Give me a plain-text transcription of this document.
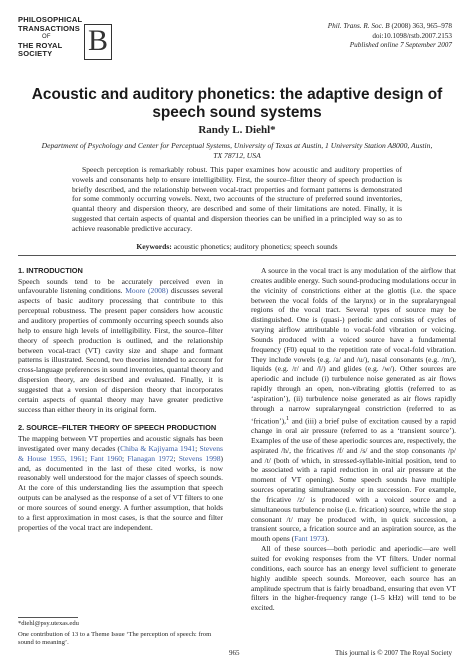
PHILOSOPHICAL
TRANSACTIONS
OF
THE ROYAL
SOCIETY	B	Phil. Trans. R. Soc. B (2008) 363, 965–978
doi:10.1098/rstb.2007.2153
Published online 7 September 2007
Acoustic and auditory phonetics: the adaptive design of speech sound systems
Randy L. Diehl*
Department of Psychology and Center for Perceptual Systems, University of Texas at Austin, 1 University Station A8000, Austin, TX 78712, USA
Speech perception is remarkably robust. This paper examines how acoustic and auditory properties of vowels and consonants help to ensure intelligibility. First, the source–filter theory of speech production is briefly described, and the relationship between vocal-tract properties and formant patterns is demonstrated for some commonly occurring vowels. Next, two accounts of the structure of preferred sound inventories, quantal theory and dispersion theory, are described and some of their limitations are noted. Finally, it is suggested that certain aspects of quantal and dispersion theories can be unified in a principled way so as to achieve reasonable predictive accuracy.
Keywords: acoustic phonetics; auditory phonetics; speech sounds
1. INTRODUCTION

Speech sounds tend to be accurately perceived even in unfavourable listening conditions. Moore (2008) discusses several aspects of basic auditory processing that contribute to this perceptual robustness. The present paper considers how acoustic and auditory properties of commonly occurring speech sounds also help to ensure high levels of intelligibility. First, the source–filter theory of speech production is outlined, and the relationship between vocal-tract (VT) cavity size and shape and formant patterns is illustrated. Second, two theories intended to account for cross-language preferences in sound inventories, quantal theory and dispersion theory, are described and evaluated. Finally, it is suggested that a version of dispersion theory that incorporates certain aspects of quantal theory may have greater predictive success than either theory in its original form.

2. SOURCE–FILTER THEORY OF SPEECH PRODUCTION

The mapping between VT properties and acoustic signals has been investigated over many decades (Chiba & Kajiyama 1941; Stevens & House 1955, 1961; Fant 1960; Flanagan 1972; Stevens 1998) and, as documented in the last of these cited works, is now reasonably well understood for the major classes of speech sounds. At the core of this understanding lies the assumption that speech outputs can be analysed as the response of a set of VT filters to one or more sources of sound energy. A further assumption, that holds to a first approximation in most cases, is that the source and filter properties of the vocal tract are independent.

A source in the vocal tract is any modulation of the airflow that creates audible energy. Such sound-producing modulations occur in the vicinity of constrictions either at the glottis (i.e. the space between the vocal folds of the larynx) or in the supralaryngeal regions of the vocal tract. Several types of source may be distinguished. One is (quasi-) periodic and consists of cycles of varying airflow attributable to vocal-fold vibration or voicing. Sounds produced with a voiced source have a fundamental frequency (F0) equal to the repetition rate of vocal-fold vibration. They include vowels (e.g. /a/ and /u/), nasal consonants (e.g. /m/), liquids (e.g. /r/ and /l/) and glides (e.g. /w/). Other sources are aperiodic and include (i) turbulence noise generated as air flows rapidly through an open, non-vibrating glottis (referred to as ‘aspiration’), (ii) turbulence noise generated as air flows rapidly through a narrow supralaryngeal constriction (referred to as ‘frication’),$^1$ and (iii) a brief pulse of excitation caused by a rapid change in oral air pressure (referred to as a ‘transient source’). Examples of the use of these aperiodic sources are, respectively, the aspirated /h/, the fricatives /f/ and /s/ and the stop consonants /p/ and /t/ (both of which, in stressed-syllable-initial position, tend to be associated with a rapid reduction in oral air pressure at the moment of VT opening). Some speech sounds have multiple sources operating simultaneously or in succession. For example, the fricative /z/ is produced with a voiced source and a simultaneous turbulence noise (i.e. frication) source, while the stop consonant /t/ may be produced with, in quick succession, a transient source, a frication source and an aspiration source, as the mouth opens (Fant 1973).

All of these sources—both periodic and aperiodic—are well suited for evoking responses from the VT filters. Under normal conditions, each source has an energy level sufficient to generate highly audible speech sounds. Moreover, each source has an amplitude spectrum that is fairly broadband, ensuring that even VT filters in the higher-frequency range (1–5 kHz) will tend to be excited.

*diehl@psy.utexas.edu
One contribution of 13 to a Theme Issue ‘The perception of speech: from sound to meaning’.
965	This journal is © 2007 The Royal Society
